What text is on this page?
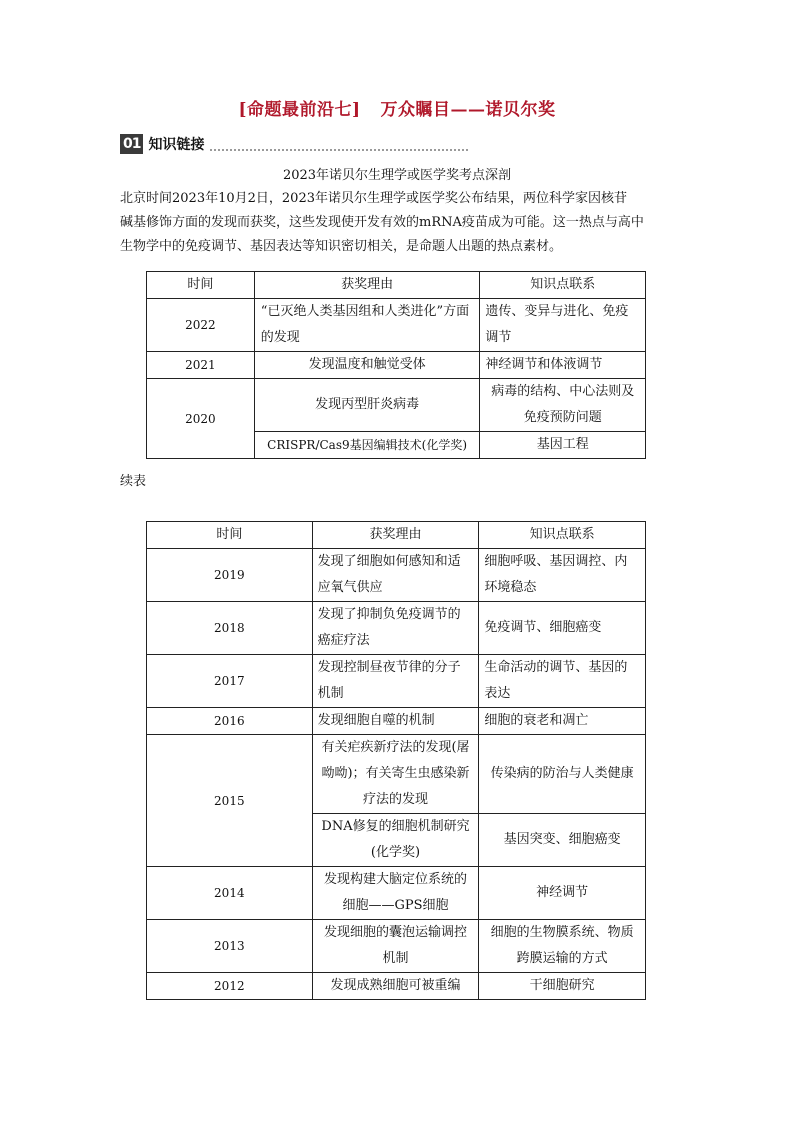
[命题最前沿七] 万众瞩目——诺贝尔奖
01 知识链接
2023年诺贝尔生理学或医学奖考点深剖

北京时间2023年10月2日，2023年诺贝尔生理学或医学奖公布结果，两位科学家因核苷

碱基修饰方面的发现而获奖，这些发现使开发有效的mRNA疫苗成为可能。这一热点与高中

生物学中的免疫调节、基因表达等知识密切相关，是命题人出题的热点素材。

时间	获奖理由	知识点联系
2022	“已灭绝人类基因组和人类进化”方面的发现	遗传、变异与进化、免疫调节
2021	发现温度和触觉受体	神经调节和体液调节
2020	发现丙型肝炎病毒	病毒的结构、中心法则及免疫预防问题
	CRISPR/Cas9基因编辑技术(化学奖)	基因工程
续表
时间	获奖理由	知识点联系
2019	发现了细胞如何感知和适应氧气供应	细胞呼吸、基因调控、内环境稳态
2018	发现了抑制负免疫调节的癌症疗法	免疫调节、细胞癌变
2017	发现控制昼夜节律的分子机制	生命活动的调节、基因的表达
2016	发现细胞自噬的机制	细胞的衰老和凋亡
2015	有关疟疾新疗法的发现(屠呦呦)；有关寄生虫感染新疗法的发现	传染病的防治与人类健康
	DNA修复的细胞机制研究(化学奖)	基因突变、细胞癌变
2014	发现构建大脑定位系统的细胞——GPS细胞	神经调节
2013	发现细胞的囊泡运输调控机制	细胞的生物膜系统、物质跨膜运输的方式
2012	发现成熟细胞可被重编	干细胞研究
